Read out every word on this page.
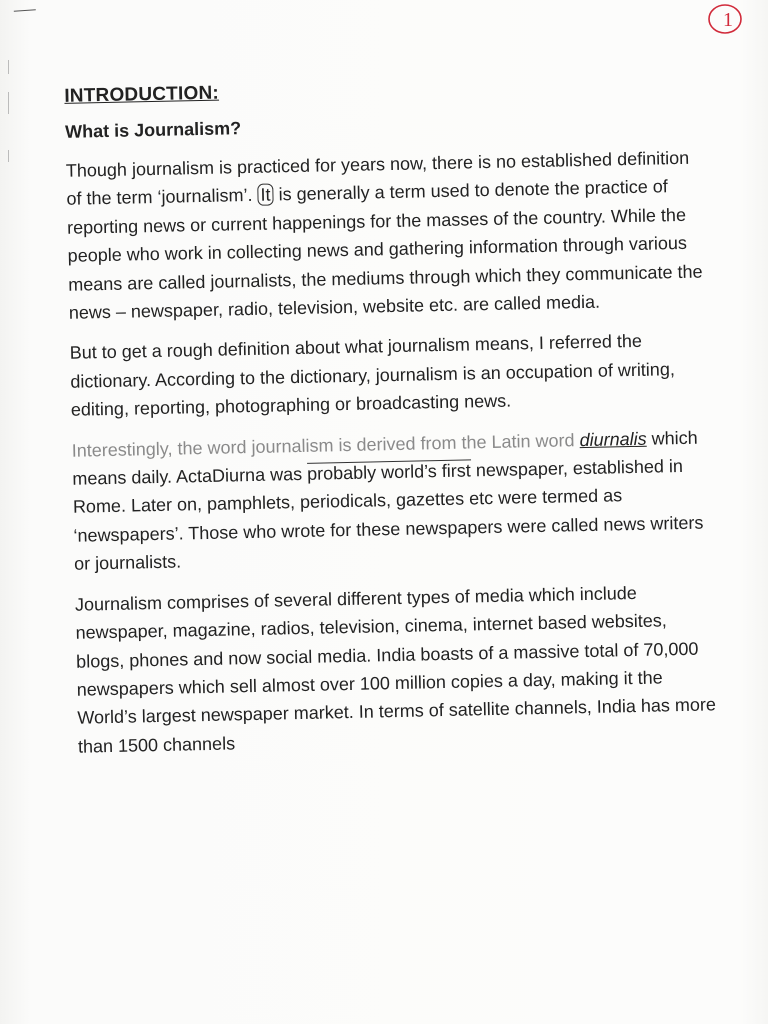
1
INTRODUCTION:
What is Journalism?

Though journalism is practiced for years now, there is no established definition of the term ‘journalism’. It is generally a term used to denote the practice of reporting news or current happenings for the masses of the country. While the people who work in collecting news and gathering information through various means are called journalists, the mediums through which they communicate the news – newspaper, radio, television, website etc. are called media.

But to get a rough definition about what journalism means, I referred the dictionary. According to the dictionary, journalism is an occupation of writing, editing, reporting, photographing or broadcasting news.

Interestingly, the word journalism is derived from the Latin word diurnalis which means daily. ActaDiurna was probably world’s first newspaper, established in Rome. Later on, pamphlets, periodicals, gazettes etc were termed as ‘newspapers’. Those who wrote for these newspapers were called news writers or journalists.

Journalism comprises of several different types of media which include newspaper, magazine, radios, television, cinema, internet based websites, blogs, phones and now social media. India boasts of a massive total of 70,000 newspapers which sell almost over 100 million copies a day, making it the World’s largest newspaper market. In terms of satellite channels, India has more than 1500 channels
